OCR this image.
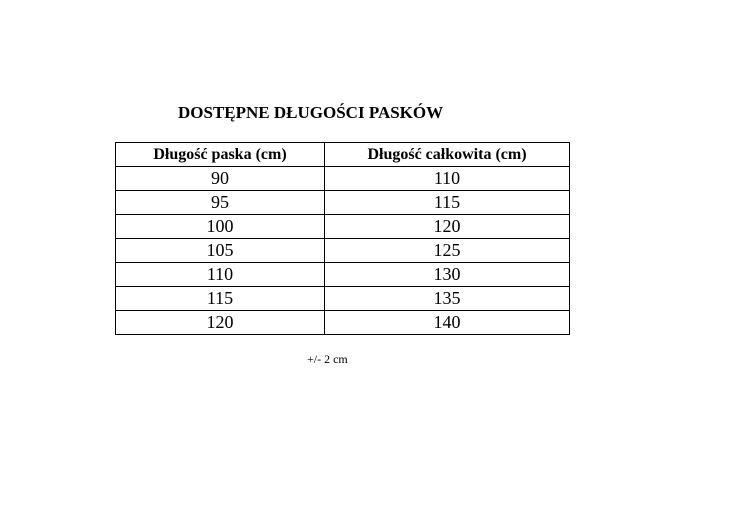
DOSTĘPNE DŁUGOŚCI PASKÓW
Długość paska (cm)	Długość całkowita (cm)
90	110
95	115
100	120
105	125
110	130
115	135
120	140

+/- 2 cm
